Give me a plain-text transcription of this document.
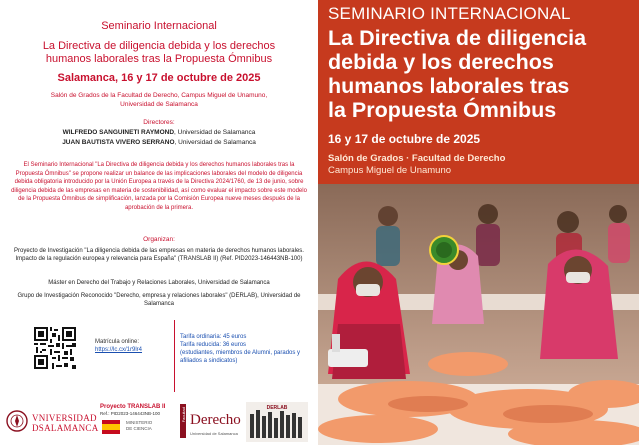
Seminario Internacional
La Directiva de diligencia debida y los derechos
humanos laborales tras la Propuesta Ómnibus
Salamanca, 16 y 17 de octubre de 2025
Salón de Grados de la Facultad de Derecho, Campus Miguel de Unamuno,
Universidad de Salamanca
Directores:
WILFREDO SANGUINETI RAYMOND, Universidad de Salamanca
JUAN BAUTISTA VIVERO SERRANO, Universidad de Salamanca
El Seminario Internacional "La Directiva de diligencia debida y los derechos humanos laborales tras la Propuesta Ómnibus" se propone realizar un balance de las implicaciones laborales del modelo de diligencia debida obligatoria introducido por la Unión Europea a través de la Directiva 2024/1760, de 13 de junio, sobre diligencia debida de las empresas en materia de sostenibilidad, así como evaluar el impacto sobre este modelo de la Propuesta Ómnibus de simplificación, lanzada por la Comisión Europea nueve meses después de la aprobación de la primera.
Organizan:
Proyecto de Investigación "La diligencia debida de las empresas en materia de derechos humanos laborales. Impacto de la regulación europea y relevancia para España" (TRANSLAB II) (Ref. PID2023-146443NB-100)
Máster en Derecho del Trabajo y Relaciones Laborales, Universidad de Salamanca
Grupo de Investigación Reconocido "Derecho, empresa y relaciones laborales" (DERLAB), Universidad de Salamanca
Matrícula online:
https://lc.cx/1r9lr4
Tarifa ordinaria: 45 euros
Tarifa reducida: 36 euros
(estudiantes, miembros de Alumni, parados y afiliados a sindicatos)
VNIVERSIDAD
DSALAMANCA
Proyecto TRANSLAB II
Ref.: PID2023-146443NB-100
MINISTERIO
DE CIENCIA
Facultad Derecho
Universidad de Salamanca
DERLAB
SEMINARIO INTERNACIONAL
La Directiva de diligencia
debida y los derechos
humanos laborales tras
la Propuesta Ómnibus
16 y 17 de octubre de 2025
Salón de Grados · Facultad de Derecho
Campus Miguel de Unamuno
